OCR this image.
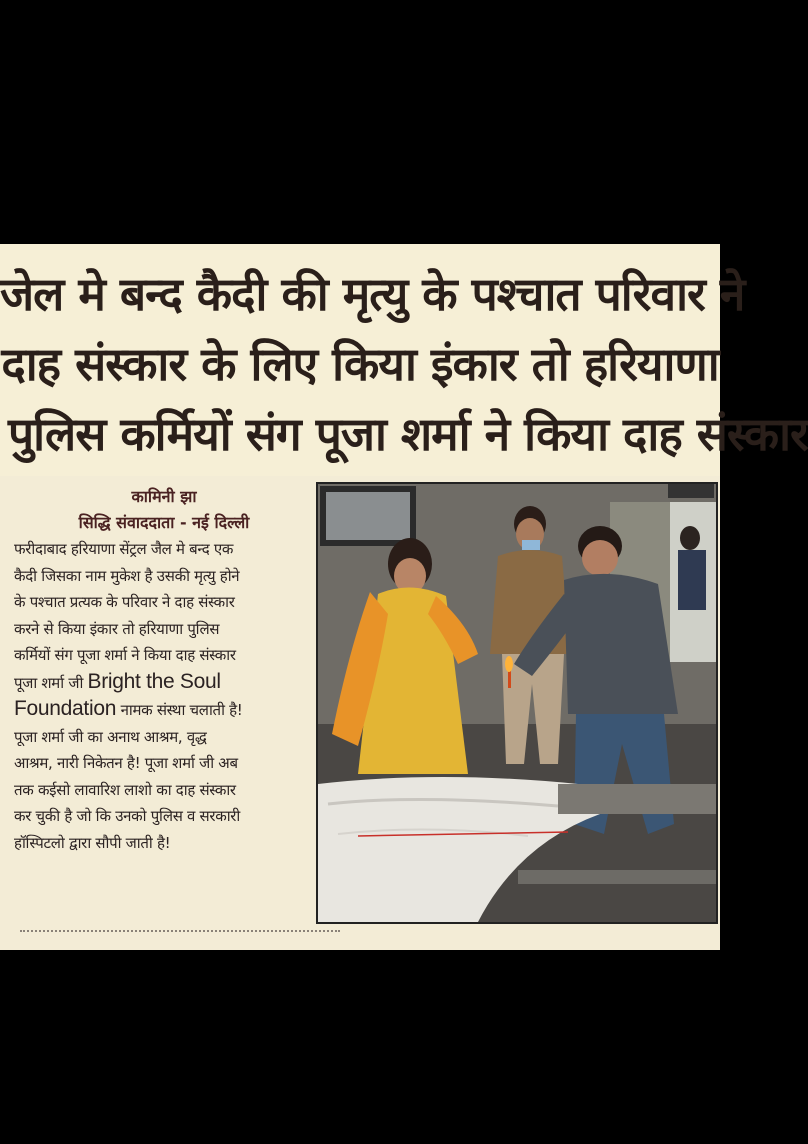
जेल मे बन्द कैदी की मृत्यु के पश्चात परिवार ने
दाह संस्कार के लिए किया इंकार तो हरियाणा
पुलिस कर्मियों संग पूजा शर्मा ने किया दाह संस्कार
कामिनी झा
सिद्धि संवाददाता - नई दिल्ली
फरीदाबाद हरियाणा सेंट्रल जैल मे बन्द एक
कैदी जिसका नाम मुकेश है उसकी मृत्यु होने
के पश्चात प्रत्यक के परिवार ने दाह संस्कार
करने से किया इंकार तो हरियाणा पुलिस
कर्मियों संग पूजा शर्मा ने किया दाह संस्कार
पूजा शर्मा जी Bright the Soul
Foundation नामक संस्था चलाती है!
पूजा शर्मा जी का अनाथ आश्रम, वृद्ध
आश्रम, नारी निकेतन है! पूजा शर्मा जी अब
तक कईसो लावारिश लाशो का दाह संस्कार
कर चुकी है जो कि उनको पुलिस व सरकारी
हॉस्पिटलो द्वारा सौपी जाती है!
